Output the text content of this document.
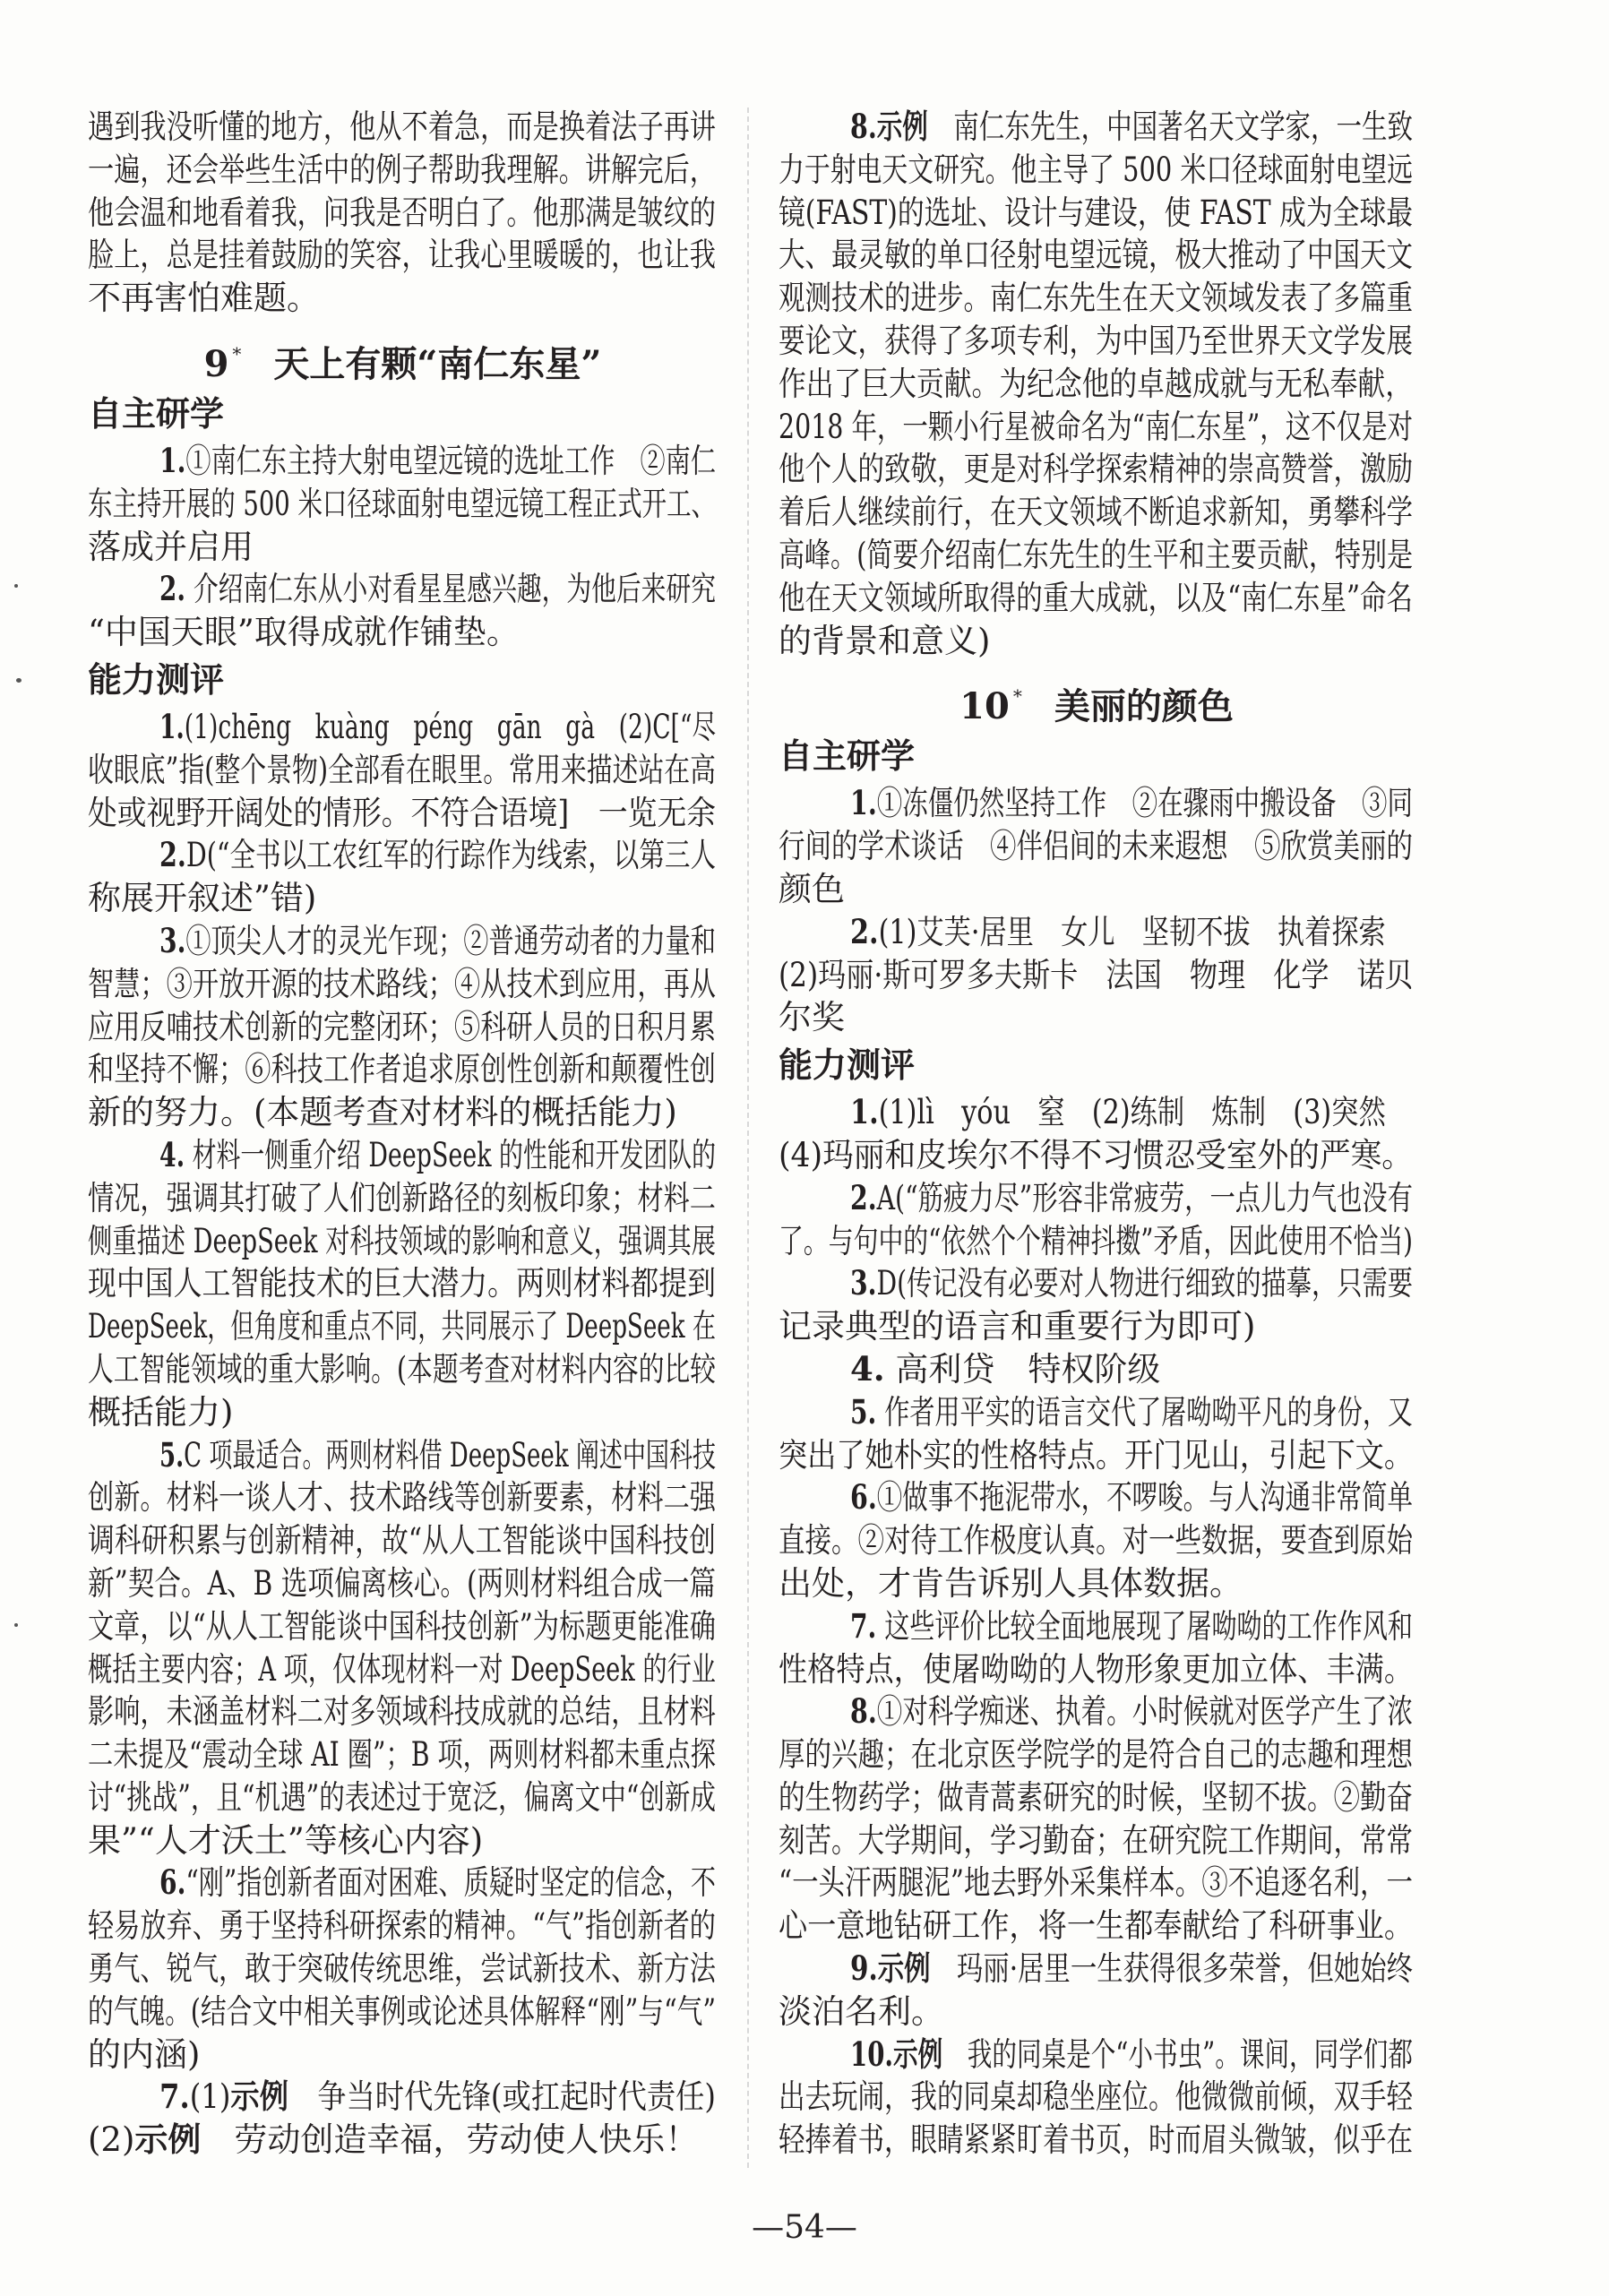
遇到我没听懂的地方，他从不着急，而是换着法子再讲
一遍，还会举些生活中的例子帮助我理解。讲解完后，
他会温和地看着我，问我是否明白了。他那满是皱纹的
脸上，总是挂着鼓励的笑容，让我心里暖暖的，也让我
不再害怕难题。
9 * 天上有颗“南仁东星”
自主研学
1.①南仁东主持大射电望远镜的选址工作　②南仁
东主持开展的 500 米口径球面射电望远镜工程正式开工、
落成并启用
2. 介绍南仁东从小对看星星感兴趣，为他后来研究
“中国天眼”取得成就作铺垫。
能力测评
1.(1)chēng　kuàng　péng　gān　gà　(2)C[“尽
收眼底”指(整个景物)全部看在眼里。常用来描述站在高
处或视野开阔处的情形。不符合语境]　一览无余
2.D(“全书以工农红军的行踪作为线索，以第三人
称展开叙述”错)
3.①顶尖人才的灵光乍现；②普通劳动者的力量和
智慧；③开放开源的技术路线；④从技术到应用，再从
应用反哺技术创新的完整闭环；⑤科研人员的日积月累
和坚持不懈；⑥科技工作者追求原创性创新和颠覆性创
新的努力。(本题考查对材料的概括能力)
4. 材料一侧重介绍 DeepSeek 的性能和开发团队的
情况，强调其打破了人们创新路径的刻板印象；材料二
侧重描述 DeepSeek 对科技领域的影响和意义，强调其展
现中国人工智能技术的巨大潜力。两则材料都提到
DeepSeek，但角度和重点不同，共同展示了 DeepSeek 在
人工智能领域的重大影响。(本题考查对材料内容的比较
概括能力)
5.C 项最适合。两则材料借 DeepSeek 阐述中国科技
创新。材料一谈人才、技术路线等创新要素，材料二强
调科研积累与创新精神，故“从人工智能谈中国科技创
新”契合。A、B 选项偏离核心。(两则材料组合成一篇
文章，以“从人工智能谈中国科技创新”为标题更能准确
概括主要内容；A 项，仅体现材料一对 DeepSeek 的行业
影响，未涵盖材料二对多领域科技成就的总结，且材料
二未提及“震动全球 AI 圈”；B 项，两则材料都未重点探
讨“挑战”，且“机遇”的表述过于宽泛，偏离文中“创新成
果”“人才沃土”等核心内容)
6.“刚”指创新者面对困难、质疑时坚定的信念，不
轻易放弃、勇于坚持科研探索的精神。“气”指创新者的
勇气、锐气，敢于突破传统思维，尝试新技术、新方法
的气魄。(结合文中相关事例或论述具体解释“刚”与“气”
的内涵)
7.(1)示例　争当时代先锋(或扛起时代责任)
(2)示例　劳动创造幸福，劳动使人快乐！
8.示例　南仁东先生，中国著名天文学家，一生致
力于射电天文研究。他主导了 500 米口径球面射电望远
镜(FAST)的选址、设计与建设，使 FAST 成为全球最
大、最灵敏的单口径射电望远镜，极大推动了中国天文
观测技术的进步。南仁东先生在天文领域发表了多篇重
要论文，获得了多项专利，为中国乃至世界天文学发展
作出了巨大贡献。为纪念他的卓越成就与无私奉献，
2018 年，一颗小行星被命名为“南仁东星”，这不仅是对
他个人的致敬，更是对科学探索精神的崇高赞誉，激励
着后人继续前行，在天文领域不断追求新知，勇攀科学
高峰。(简要介绍南仁东先生的生平和主要贡献，特别是
他在天文领域所取得的重大成就，以及“南仁东星”命名
的背景和意义)
10 * 美丽的颜色
自主研学
1.①冻僵仍然坚持工作　②在骤雨中搬设备　③同
行间的学术谈话　④伴侣间的未来遐想　⑤欣赏美丽的
颜色
2.(1)艾芙·居里　女儿　坚韧不拔　执着探索　
(2)玛丽·斯可罗多夫斯卡　法国　物理　化学　诺贝
尔奖
能力测评
1.(1)lì　yóu　窒　(2)练制　炼制　(3)突然　
(4)玛丽和皮埃尔不得不习惯忍受室外的严寒。
2.A(“筋疲力尽”形容非常疲劳，一点儿力气也没有
了。与句中的“依然个个精神抖擞”矛盾，因此使用不恰当)
3.D(传记没有必要对人物进行细致的描摹，只需要
记录典型的语言和重要行为即可)
4. 高利贷　特权阶级
5. 作者用平实的语言交代了屠呦呦平凡的身份，又
突出了她朴实的性格特点。开门见山，引起下文。
6.①做事不拖泥带水，不啰唆。与人沟通非常简单
直接。②对待工作极度认真。对一些数据，要查到原始
出处，才肯告诉别人具体数据。
7. 这些评价比较全面地展现了屠呦呦的工作作风和
性格特点，使屠呦呦的人物形象更加立体、丰满。
8.①对科学痴迷、执着。小时候就对医学产生了浓
厚的兴趣；在北京医学院学的是符合自己的志趣和理想
的生物药学；做青蒿素研究的时候，坚韧不拔。②勤奋
刻苦。大学期间，学习勤奋；在研究院工作期间，常常
“一头汗两腿泥”地去野外采集样本。③不追逐名利，一
心一意地钻研工作，将一生都奉献给了科研事业。
9.示例　玛丽·居里一生获得很多荣誉，但她始终
淡泊名利。
10.示例　我的同桌是个“小书虫”。课间，同学们都
出去玩闹，我的同桌却稳坐座位。他微微前倾，双手轻
轻捧着书，眼睛紧紧盯着书页，时而眉头微皱，似乎在
—54—
